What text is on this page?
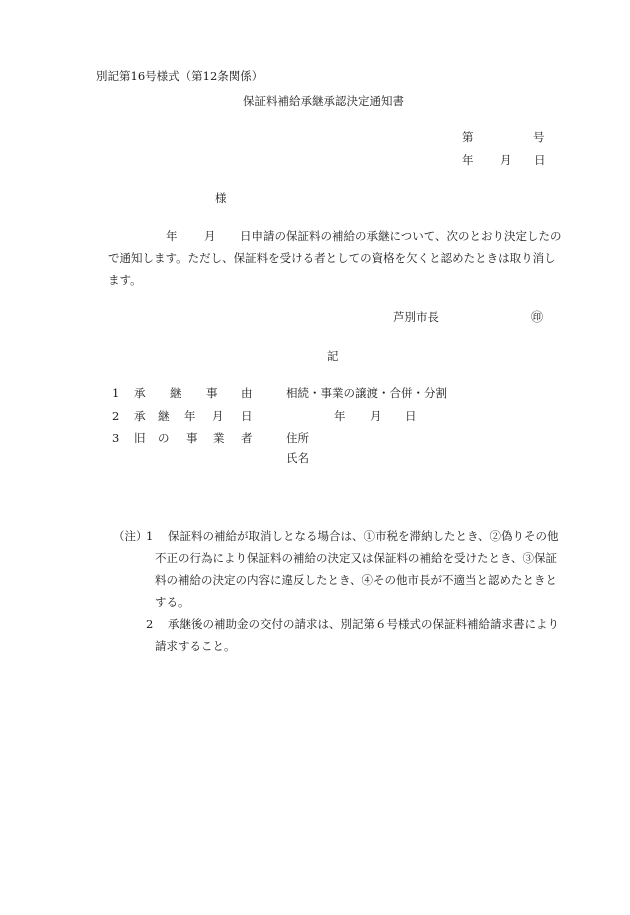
別記第16号様式（第12条関係）
保証料補給承継承認決定通知書
第	号
年 月 日
様
年 月 日申請の保証料の補給の承継について、次のとおり決定したの
で通知します。ただし、保証料を受ける者としての資格を欠くと認めたときは取り消し
ます。
芦別市長	㊞
記
1 承 継 事 由	相続・事業の譲渡・合併・分割
2 承 継 年 月 日	年 月 日
3 旧 の 事 業 者	住所
氏名
（注）
1 保証料の補給が取消しとなる場合は、①市税を滞納したとき、②偽りその他
不正の行為により保証料の補給の決定又は保証料の補給を受けたとき、③保証
料の補給の決定の内容に違反したとき、④その他市長が不適当と認めたときと
する。
2 承継後の補助金の交付の請求は、別記第６号様式の保証料補給請求書により
請求すること。
